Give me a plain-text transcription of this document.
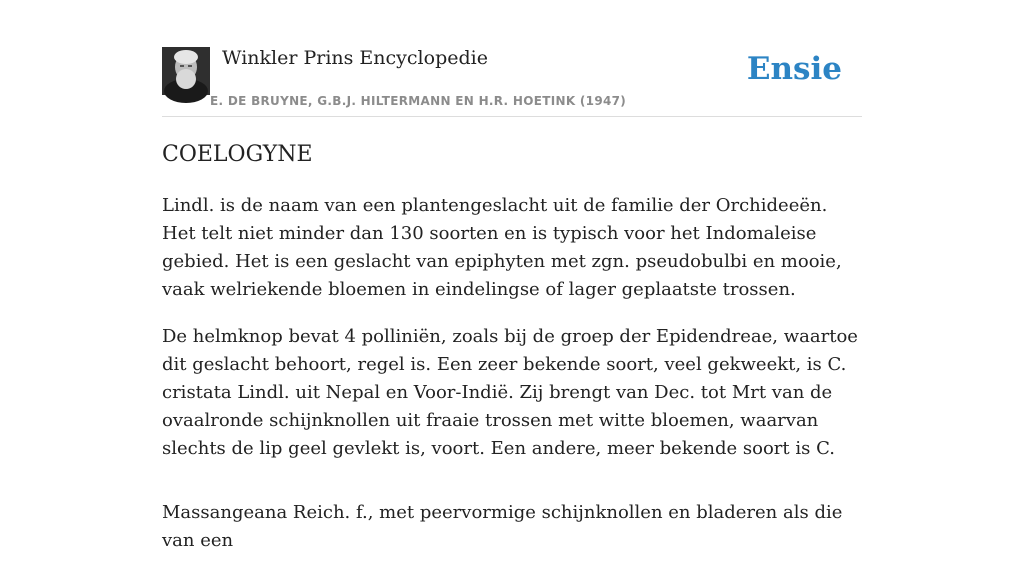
Winkler Prins Encyclopedie
E. DE BRUYNE, G.B.J. HILTERMANN EN H.R. HOETINK (1947)
Ensie
COELOGYNE

Lindl. is de naam van een plantengeslacht uit de familie der Orchideeën. Het telt niet minder dan 130 soorten en is typisch voor het Indomaleise gebied. Het is een geslacht van epiphyten met zgn. pseudobulbi en mooie, vaak welriekende bloemen in eindelingse of lager geplaatste trossen.

De helmknop bevat 4 polliniën, zoals bij de groep der Epidendreae, waartoe dit geslacht behoort, regel is. Een zeer bekende soort, veel gekweekt, is C. cristata Lindl. uit Nepal en Voor-Indië. Zij brengt van Dec. tot Mrt van de ovaalronde schijnknollen uit fraaie trossen met witte bloemen, waarvan slechts de lip geel gevlekt is, voort. Een andere, meer bekende soort is C.

Massangeana Reich. f., met peervormige schijnknollen en bladeren als die van een
